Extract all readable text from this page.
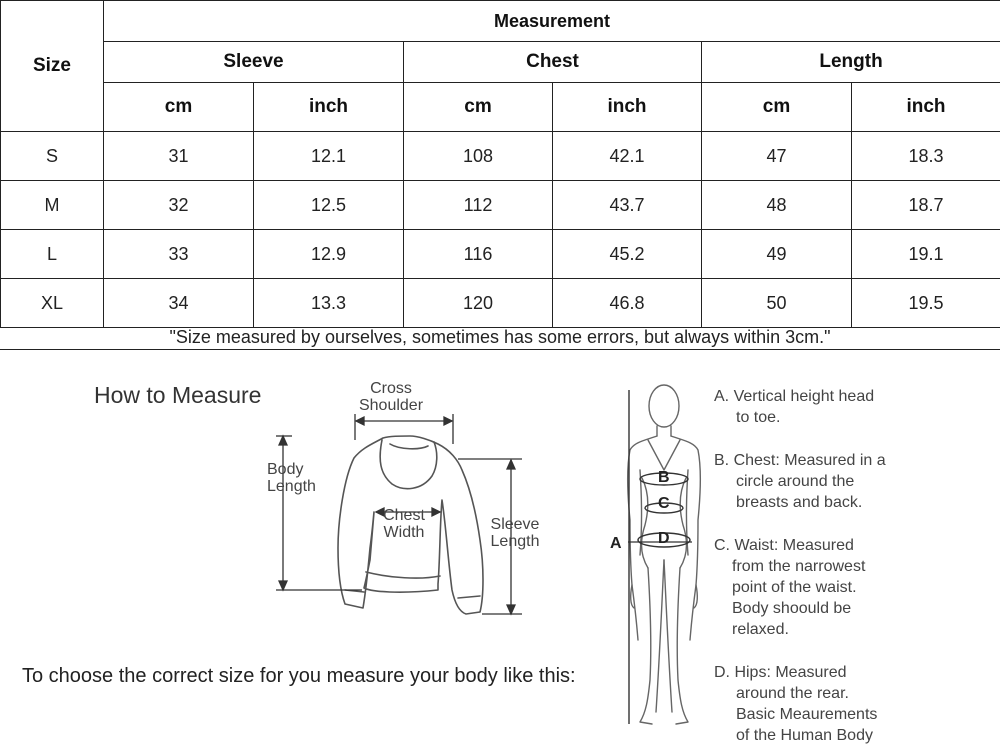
Size	Measurement					
	Sleeve		Chest		Length	
	cm	inch	cm	inch	cm	inch
S	31	12.1	108	42.1	47	18.3
M	32	12.5	112	43.7	48	18.7
L	33	12.9	116	45.2	49	19.1
XL	34	13.3	120	46.8	50	19.5
"Size measured by ourselves, sometimes has some errors, but always within 3cm."
How to Measure
To choose the correct size for you measure your body like this:
Cross
Shoulder
Body
Length
Chest
Width	Sleeve
Length	A
B
C
D
A. Vertical height head
to toe.
B. Chest: Measured in a
circle around the
breasts and back.
C. Waist: Measured
from the narrowest
point of the waist.
Body shoould be
relaxed.
D. Hips: Measured
around the rear.
Basic Meaurements
of the Human Body
